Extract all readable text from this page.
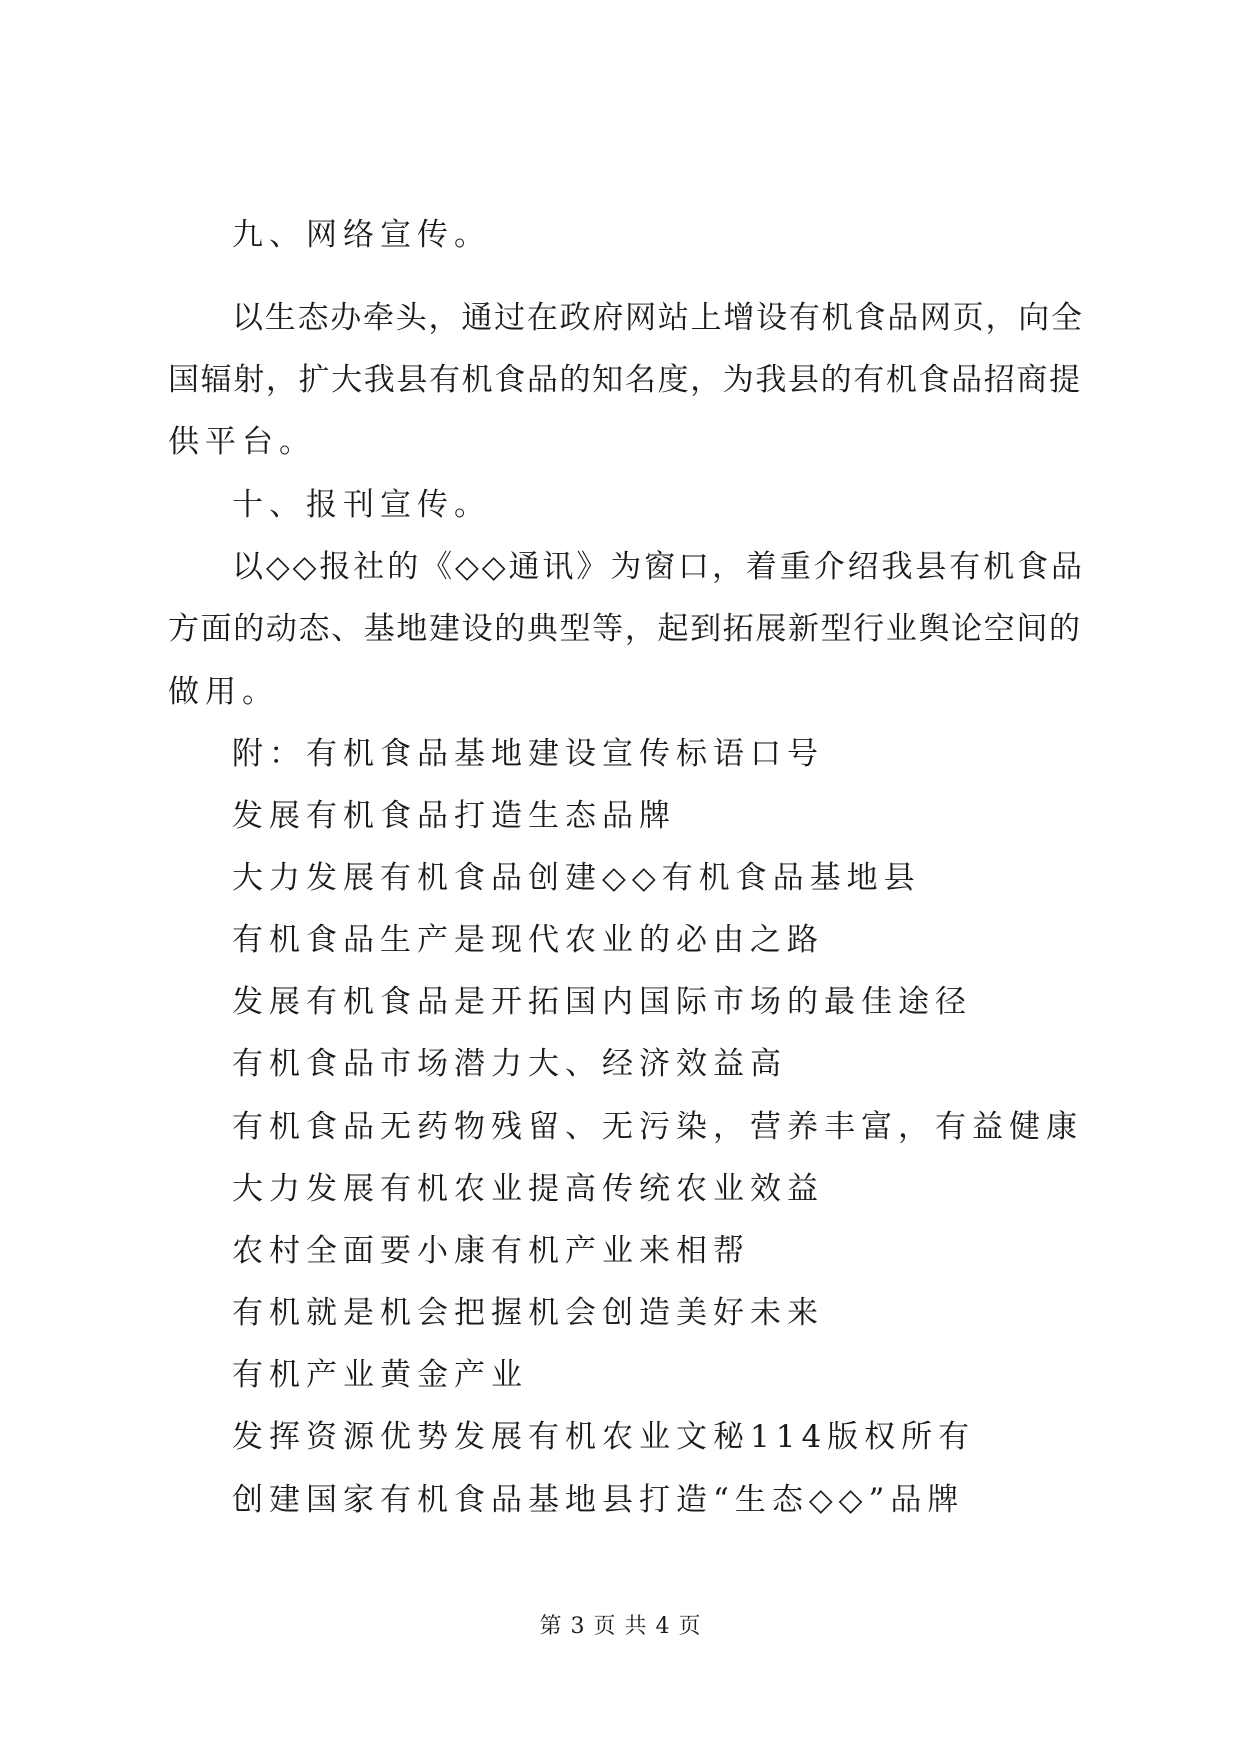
九、网络宣传。

以生态办牵头，通过在政府网站上增设有机食品网页，向全

国辐射，扩大我县有机食品的知名度，为我县的有机食品招商提

供平台。

十、报刊宣传。

以◇◇报社的《◇◇通讯》为窗口，着重介绍我县有机食品

方面的动态、基地建设的典型等，起到拓展新型行业舆论空间的

做用。

附：有机食品基地建设宣传标语口号

发展有机食品打造生态品牌

大力发展有机食品创建◇◇有机食品基地县

有机食品生产是现代农业的必由之路

发展有机食品是开拓国内国际市场的最佳途径

有机食品市场潜力大、经济效益高

有机食品无药物残留、无污染，营养丰富，有益健康

大力发展有机农业提高传统农业效益

农村全面要小康有机产业来相帮

有机就是机会把握机会创造美好未来

有机产业黄金产业

发挥资源优势发展有机农业文秘114版权所有

创建国家有机食品基地县打造“生态◇◇”品牌

第 3 页 共 4 页
